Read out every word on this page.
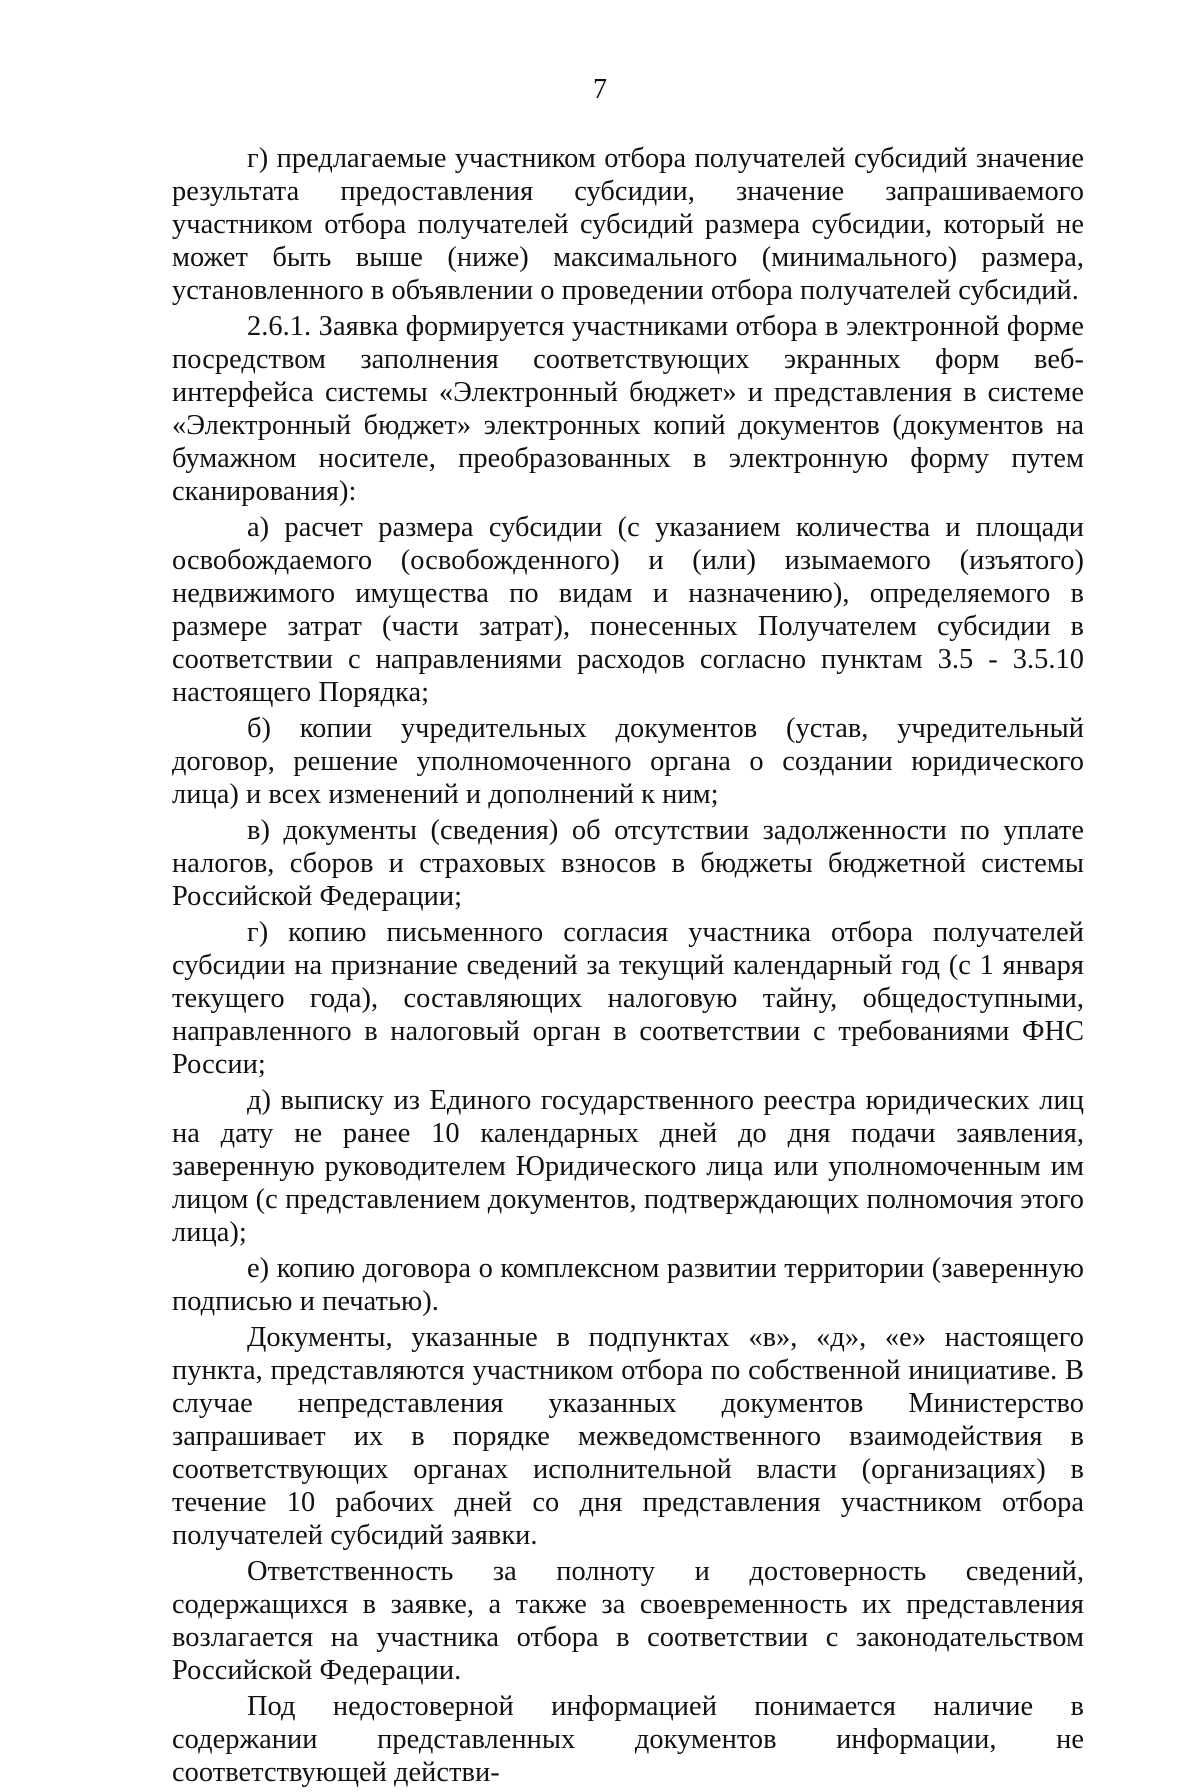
7

г) предлагаемые участником отбора получателей субсидий значение результата предоставления субсидии, значение запрашиваемого участником отбора получателей субсидий размера субсидии, который не может быть выше (ниже) максимального (минимального) размера, установленного в объявлении о проведении отбора получателей субсидий.

2.6.1. Заявка формируется участниками отбора в электронной форме посредством заполнения соответствующих экранных форм веб-интерфейса системы «Электронный бюджет» и представления в системе «Электронный бюджет» электронных копий документов (документов на бумажном носителе, преобразованных в электронную форму путем сканирования):

а) расчет размера субсидии (с указанием количества и площади освобождаемого (освобожденного) и (или) изымаемого (изъятого) недвижимого имущества по видам и назначению), определяемого в размере затрат (части затрат), понесенных Получателем субсидии в соответствии с направлениями расходов согласно пунктам 3.5 - 3.5.10 настоящего Порядка;

б) копии учредительных документов (устав, учредительный договор, решение уполномоченного органа о создании юридического лица) и всех изменений и дополнений к ним;

в) документы (сведения) об отсутствии задолженности по уплате налогов, сборов и страховых взносов в бюджеты бюджетной системы Российской Федерации;

г) копию письменного согласия участника отбора получателей субсидии на признание сведений за текущий календарный год (с 1 января текущего года), составляющих налоговую тайну, общедоступными, направленного в налоговый орган в соответствии с требованиями ФНС России;

д) выписку из Единого государственного реестра юридических лиц на дату не ранее 10 календарных дней до дня подачи заявления, заверенную руководителем Юридического лица или уполномоченным им лицом (с представлением документов, подтверждающих полномочия этого лица);

е) копию договора о комплексном развитии территории (заверенную подписью и печатью).

Документы, указанные в подпунктах «в», «д», «е» настоящего пункта, представляются участником отбора по собственной инициативе. В случае непредставления указанных документов Министерство запрашивает их в порядке межведомственного взаимодействия в соответствующих органах исполнительной власти (организациях) в течение 10 рабочих дней со дня представления участником отбора получателей субсидий заявки.

Ответственность за полноту и достоверность сведений, содержащихся в заявке, а также за своевременность их представления возлагается на участника отбора в соответствии с законодательством Российской Федерации.

Под недостоверной информацией понимается наличие в содержании представленных документов информации, не соответствующей действи-
